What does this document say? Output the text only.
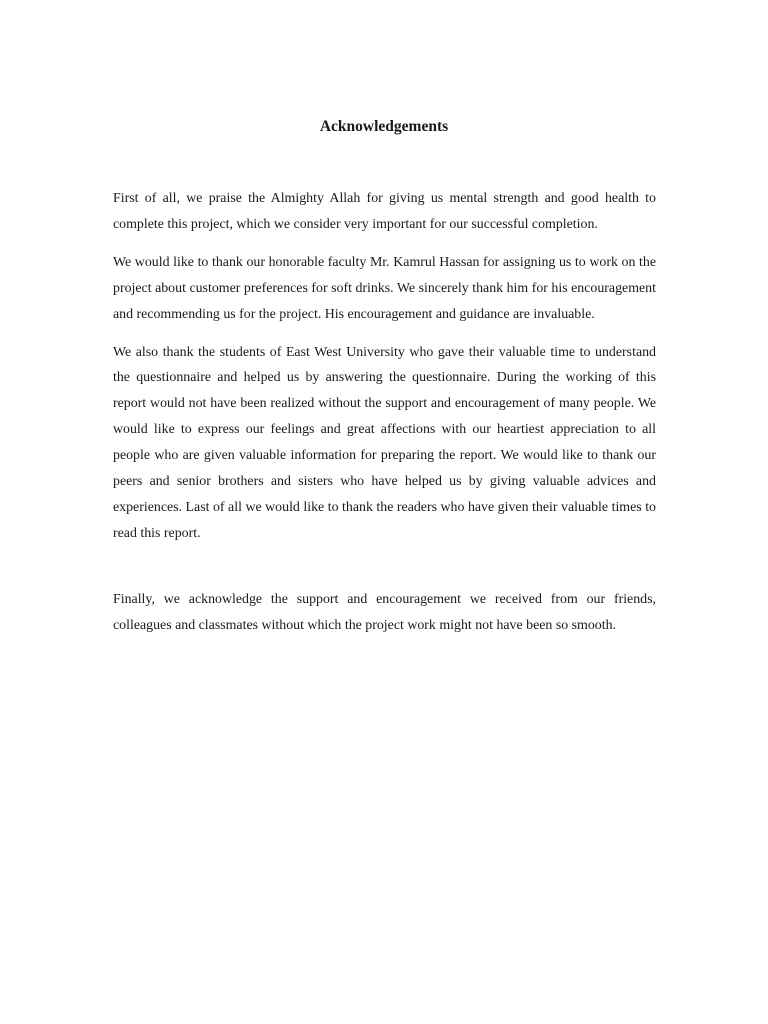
Acknowledgements

First of all, we praise the Almighty Allah for giving us mental strength and good health to complete this project, which we consider very important for our successful completion.

We would like to thank our honorable faculty Mr. Kamrul Hassan for assigning us to work on the project about customer preferences for soft drinks. We sincerely thank him for his encouragement and recommending us for the project. His encouragement and guidance are invaluable.

We also thank the students of East West University who gave their valuable time to understand the questionnaire and helped us by answering the questionnaire. During the working of this report would not have been realized without the support and encouragement of many people. We would like to express our feelings and great affections with our heartiest appreciation to all people who are given valuable information for preparing the report. We would like to thank our peers and senior brothers and sisters who have helped us by giving valuable advices and experiences. Last of all we would like to thank the readers who have given their valuable times to read this report.

Finally, we acknowledge the support and encouragement we received from our friends, colleagues and classmates without which the project work might not have been so smooth.
